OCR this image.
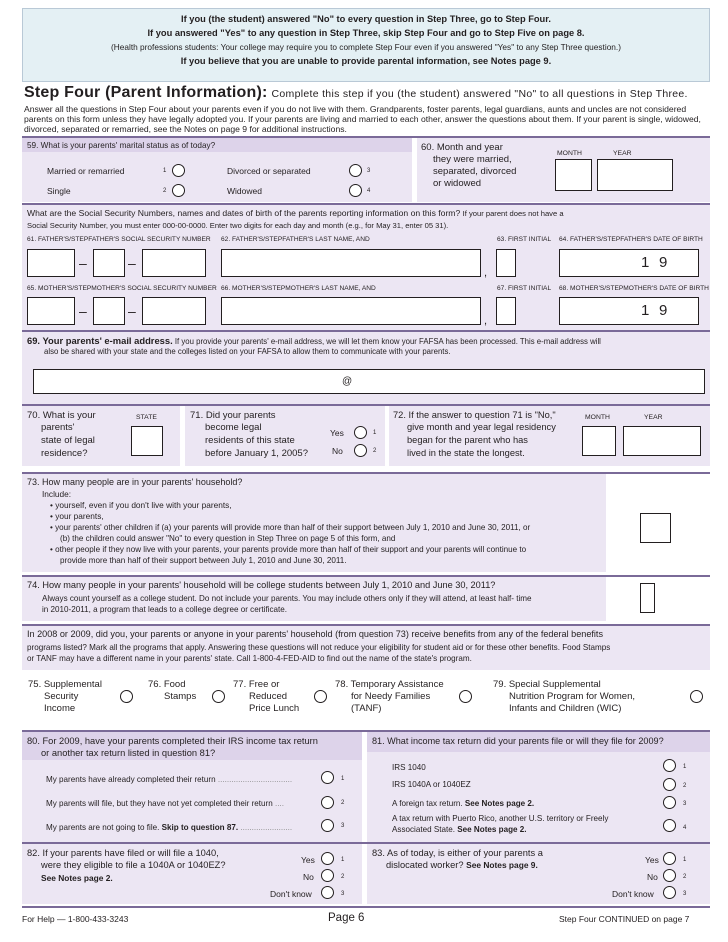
If you (the student) answered "No" to every question in Step Three, go to Step Four.
If you answered "Yes" to any question in Step Three, skip Step Four and go to Step Five on page 8.
(Health professions students: Your college may require you to complete Step Four even if you answered "Yes" to any Step Three question.)
If you believe that you are unable to provide parental information, see Notes page 9.
Step Four (Parent Information): Complete this step if you (the student) answered "No" to all questions in Step Three.
Answer all the questions in Step Four about your parents even if you do not live with them. Grandparents, foster parents, legal guardians, aunts and uncles are not considered parents on this form unless they have legally adopted you. If your parents are living and married to each other, answer the questions about them. If your parent is single, widowed, divorced, separated or remarried, see the Notes on page 9 for additional instructions.
59. What is your parents' marital status as of today?
Married or remarried	1
Single	2
Divorced or separated	3
Widowed	4
60. Month and year
they were married,
separated, divorced
or widowed
MONTH	YEAR
What are the Social Security Numbers, names and dates of birth of the parents reporting information on this form? If your parent does not have a
Social Security Number, you must enter 000-00-0000. Enter two digits for each day and month (e.g., for May 31, enter 05 31).
61. FATHER'S/STEPFATHER'S SOCIAL SECURITY NUMBER 62. FATHER'S/STEPFATHER'S LAST NAME, AND	63. FIRST INITIAL 64. FATHER'S/STEPFATHER'S DATE OF BIRTH
–	–
,
1 9
65. MOTHER'S/STEPMOTHER'S SOCIAL SECURITY NUMBER 66. MOTHER'S/STEPMOTHER'S LAST NAME, AND	67. FIRST INITIAL 68. MOTHER'S/STEPMOTHER'S DATE OF BIRTH
–	–
,
1 9
69. Your parents' e-mail address. If you provide your parents' e-mail address, we will let them know your FAFSA has been processed. This e-mail address will
also be shared with your state and the colleges listed on your FAFSA to allow them to communicate with your parents.
@
70. What is your
parents'
state of legal
residence?
STATE	71. Did your parents
become legal
residents of this state
before January 1, 2005?
Yes	1
No	2
72. If the answer to question 71 is "No,"
give month and year legal residency
began for the parent who has
lived in the state the longest.
MONTH	YEAR
73. How many people are in your parents' household?
Include:
• yourself, even if you don't live with your parents,
• your parents,
• your parents' other children if (a) your parents will provide more than half of their support between July 1, 2010 and June 30, 2011, or
(b) the children could answer "No" to every question in Step Three on page 5 of this form, and
• other people if they now live with your parents, your parents provide more than half of their support and your parents will continue to
provide more than half of their support between July 1, 2010 and June 30, 2011.
74. How many people in your parents' household will be college students between July 1, 2010 and June 30, 2011?
Always count yourself as a college student. Do not include your parents. You may include others only if they will attend, at least half- time
in 2010-2011, a program that leads to a college degree or certificate.
In 2008 or 2009, did you, your parents or anyone in your parents' household (from question 73) receive benefits from any of the federal benefits
programs listed? Mark all the programs that apply. Answering these questions will not reduce your eligibility for student aid or for these other benefits. Food Stamps
or TANF may have a different name in your parents' state. Call 1-800-4-FED-AID to find out the name of the state's program.
75. Supplemental
Security
Income
76. Food
Stamps
77. Free or
Reduced
Price Lunch
78. Temporary Assistance
for Needy Families
(TANF)
79. Special Supplemental
Nutrition Program for Women,
Infants and Children (WIC)
80. For 2009, have your parents completed their IRS income tax return
or another tax return listed in question 81?
My parents have already completed their return .................................	1
My parents will file, but they have not yet completed their return ....	2
My parents are not going to file. Skip to question 87. .......................	3
81. What income tax return did your parents file or will they file for 2009?
IRS 1040	1
IRS 1040A or 1040EZ	2
A foreign tax return. See Notes page 2.	3
A tax return with Puerto Rico, another U.S. territory or Freely
Associated State. See Notes page 2.	4
82. If your parents have filed or will file a 1040,
were they eligible to file a 1040A or 1040EZ?
See Notes page 2.
Yes	1
No	2
Don't know	3
83. As of today, is either of your parents a
dislocated worker? See Notes page 9.	Yes	1
No	2
Don't know	3
For Help — 1-800-433-3243	Page 6	Step Four CONTINUED on page 7
